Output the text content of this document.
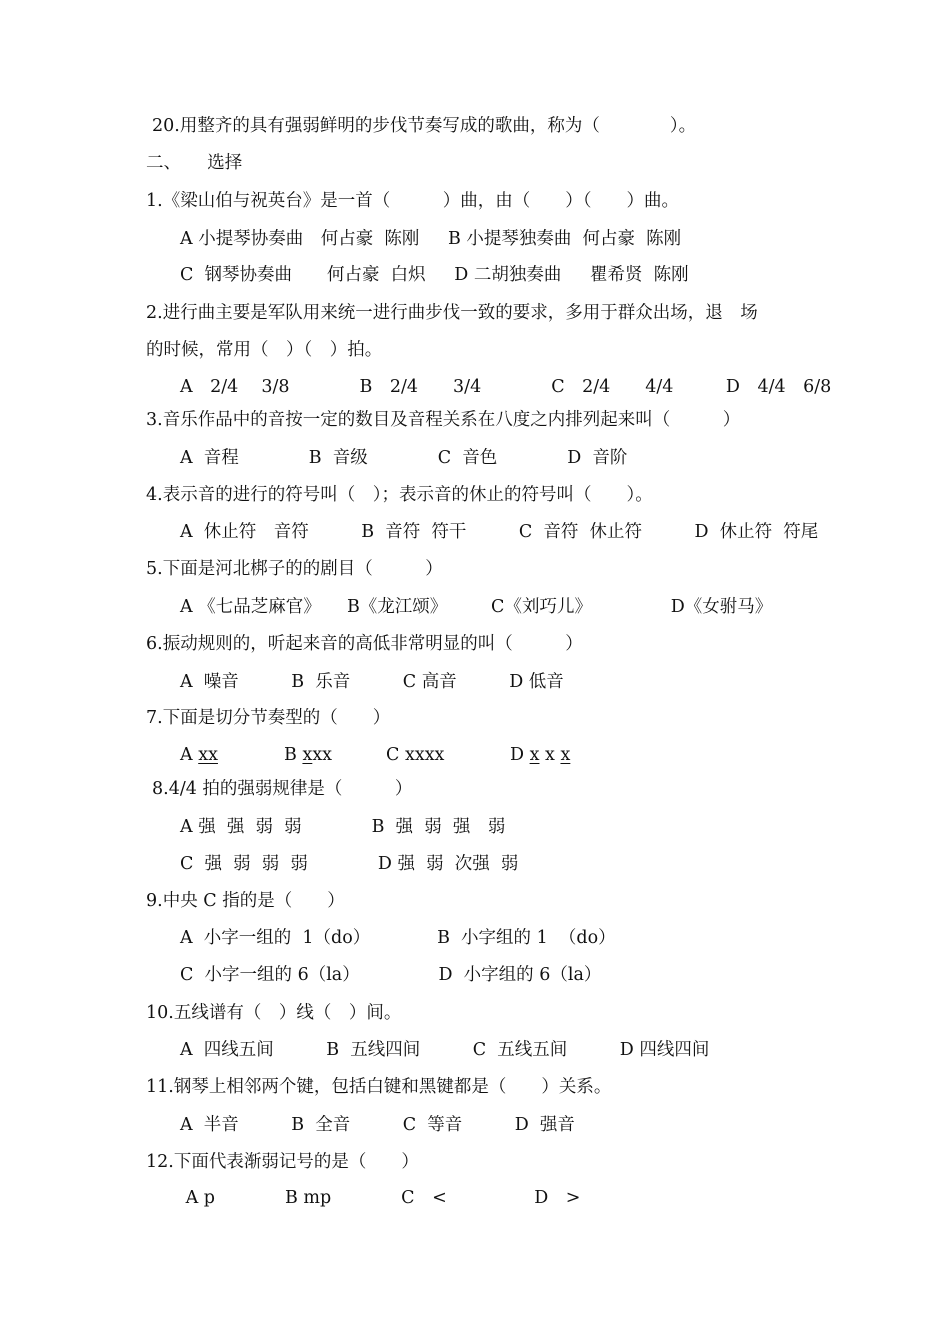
20.用整齐的具有强弱鲜明的步伐节奏写成的歌曲，称为（　　　　）。
二、　　选择
1.《梁山伯与祝英台》是一首（　　　）曲，由（　　）（　　）曲。
A 小提琴协奏曲　何占豪  陈刚　  B 小提琴独奏曲  何占豪  陈刚
C  钢琴协奏曲　　何占豪  白炽　  D 二胡独奏曲　  瞿希贤  陈刚
2.进行曲主要是军队用来统一进行曲步伐一致的要求，多用于群众出场，退　场
的时候，常用（　）（　）拍。
A　2/4　 3/8　　　　B　2/4　　3/4　　　　C　2/4　　4/4　　　D　4/4　6/8
3.音乐作品中的音按一定的数目及音程关系在八度之内排列起来叫（　　　）
A  音程　　　　B  音级　　　　C  音色　　　　D  音阶
4.表示音的进行的符号叫（　）；表示音的休止的符号叫（　　）。
A  休止符　音符　　　B  音符  符干　　　C  音符  休止符　　　D  休止符  符尾
5.下面是河北梆子的的剧目（　　　）
A 《七品芝麻官》　　B《龙江颂》　　　C《刘巧儿》　　　　　D《女驸马》
6.振动规则的，听起来音的高低非常明显的叫（　　　）
A  噪音　　　B  乐音　　　C 高音　　　D 低音
7.下面是切分节奏型的（　　）
A xx	B xxx	C xxxx	D x x x
8.4/4 拍的强弱规律是（　　　）
A 强  强  弱  弱　　　　B  强  弱  强　弱
C  强  弱  弱  弱　　　　D 强  弱  次强  弱
9.中央 C 指的是（　　）
A  小字一组的  1（do）　　　　 B  小字组的 1  （do）
C  小字一组的 6（la）　　　　　D  小字组的 6（la）
10.五线谱有（　）线（　）间。
A  四线五间　　　B  五线四间　　　C  五线五间　　　D 四线四间
11.钢琴上相邻两个键，包括白键和黑键都是（　　）关系。
A  半音　　　B  全音　　　C  等音　　　D  强音
12.下面代表渐弱记号的是（　　）
A p　　　　B mp　　　　C　<　　　　　D　>
